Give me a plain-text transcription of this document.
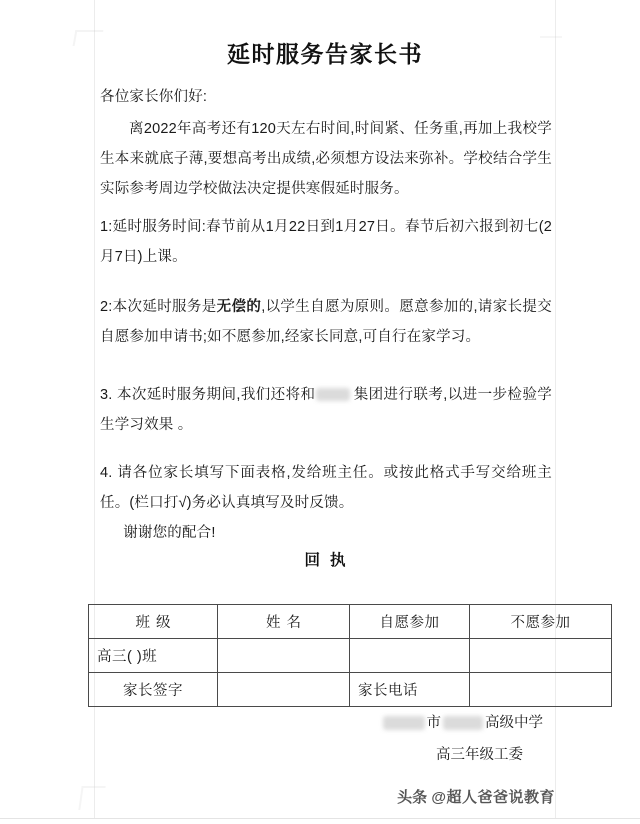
延时服务告家长书
各位家长你们好:
离2022年高考还有120天左右时间,时间紧、任务重,再加上我校学生本来就底子薄,要想高考出成绩,必须想方设法来弥补。学校结合学生实际参考周边学校做法决定提供寒假延时服务。
1:延时服务时间:春节前从1月22日到1月27日。春节后初六报到初七(2月7日)上课。
2:本次延时服务是无偿的,以学生自愿为原则。愿意参加的,请家长提交自愿参加申请书;如不愿参加,经家长同意,可自行在家学习。
3. 本次延时服务期间,我们还将和	集团进行联考,以进一步检验学生学习效果 。
4. 请各位家长填写下面表格,发给班主任。或按此格式手写交给班主任。(栏口打√)务必认真填写及时反馈。
谢谢您的配合!
回执
班级	姓名	自愿参加	不愿参加
高三( )班			
家长签字		家长电话	
市	高级中学
高三年级工委
头条 @超人爸爸说教育
